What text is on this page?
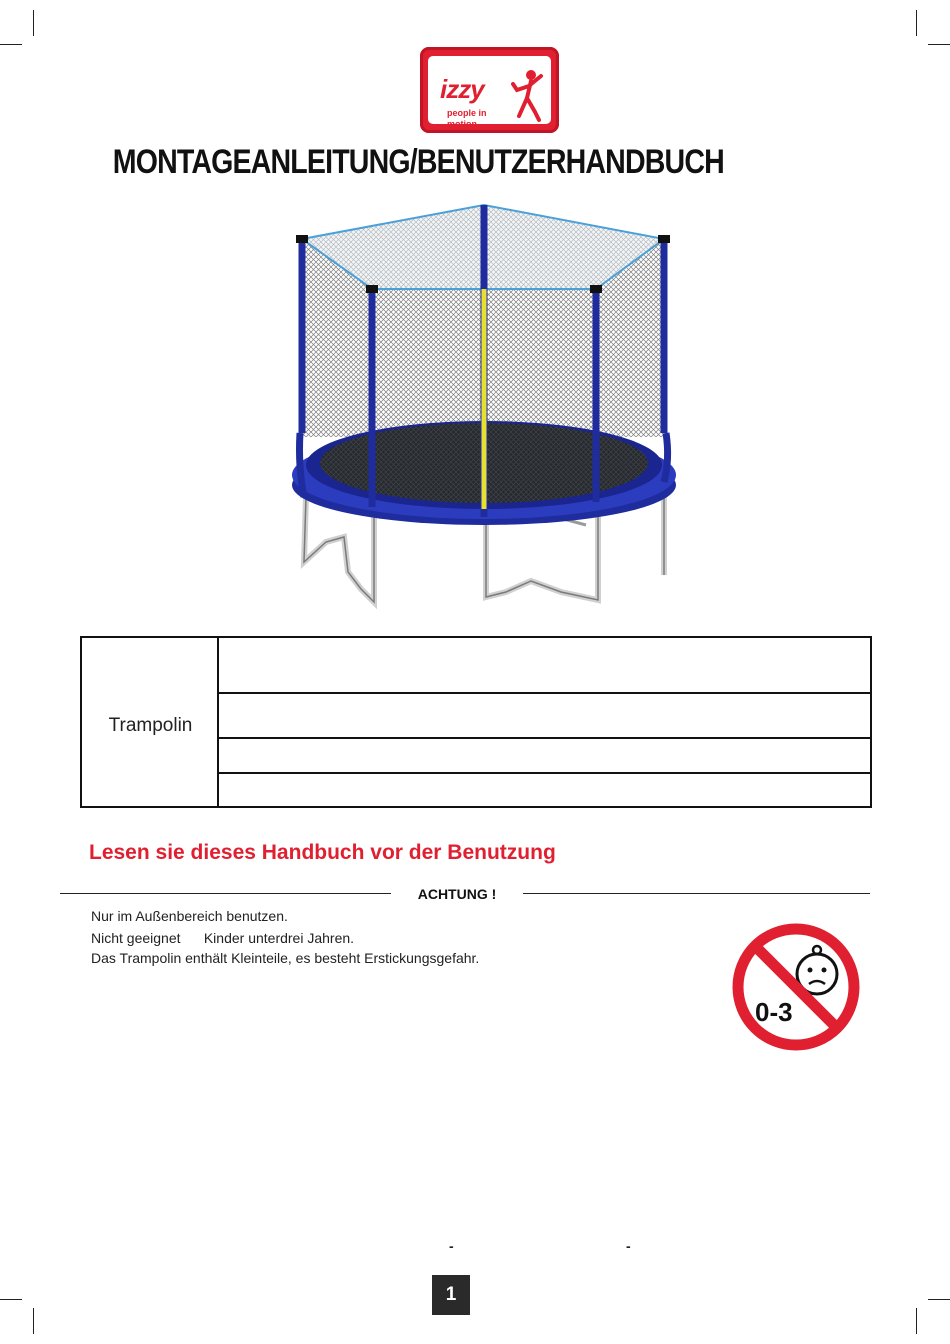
izzy
people in motion
MONTAGEANLEITUNG/BENUTZERHANDBUCH
Trampolin
Lesen sie dieses Handbuch vor der Benutzung
ACHTUNG !
Nur im Außenbereich benutzen.
Nicht geeignet      Kinder unterdrei Jahren.
Das Trampolin enthält Kleinteile, es besteht Erstickungsgefahr.
0-3
-	-
1
